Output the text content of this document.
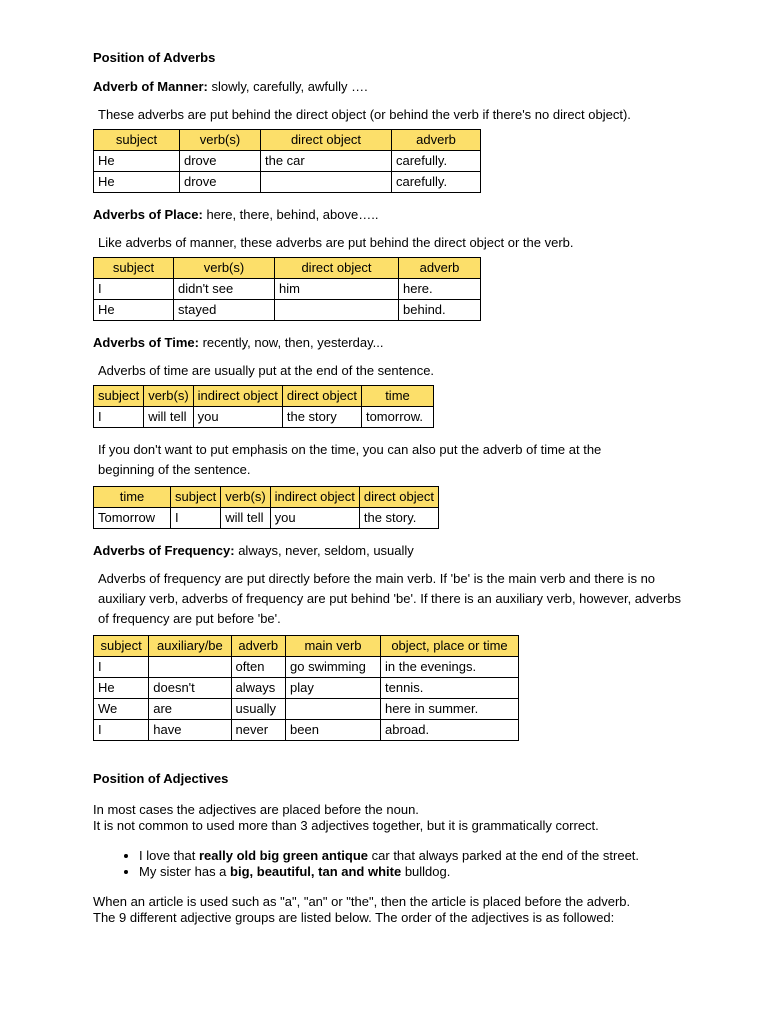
Position of Adverbs

Adverb of Manner: slowly, carefully, awfully ….

These adverbs are put behind the direct object (or behind the verb if there's no direct object).

subject	verb(s)	direct object	adverb
He	drove	the car	carefully.
He	drove		carefully.

Adverbs of Place: here, there, behind, above…..

Like adverbs of manner, these adverbs are put behind the direct object or the verb.

subject	verb(s)	direct object	adverb
I	didn't see	him	here.
He	stayed		behind.

Adverbs of Time: recently, now, then, yesterday...

Adverbs of time are usually put at the end of the sentence.

subject	verb(s)	indirect object	direct object	time
I	will tell	you	the story	tomorrow.

If you don't want to put emphasis on the time, you can also put the adverb of time at the beginning of the sentence.

time	subject	verb(s)	indirect object	direct object
Tomorrow	I	will tell	you	the story.

Adverbs of Frequency: always, never, seldom, usually

Adverbs of frequency are put directly before the main verb. If 'be' is the main verb and there is no auxiliary verb, adverbs of frequency are put behind 'be'. If there is an auxiliary verb, however, adverbs of frequency are put before 'be'.

subject	auxiliary/be	adverb	main verb	object, place or time
I		often	go swimming	in the evenings.
He	doesn't	always	play	tennis.
We	are	usually		here in summer.
I	have	never	been	abroad.
Position of Adjectives

In most cases the adjectives are placed before the noun.

It is not common to used more than 3 adjectives together, but it is grammatically correct.

• I love that really old big green antique car that always parked at the end of the street.
• My sister has a big, beautiful, tan and white bulldog.

When an article is used such as "a", "an" or "the", then the article is placed before the adverb.

The 9 different adjective groups are listed below. The order of the adjectives is as followed:
